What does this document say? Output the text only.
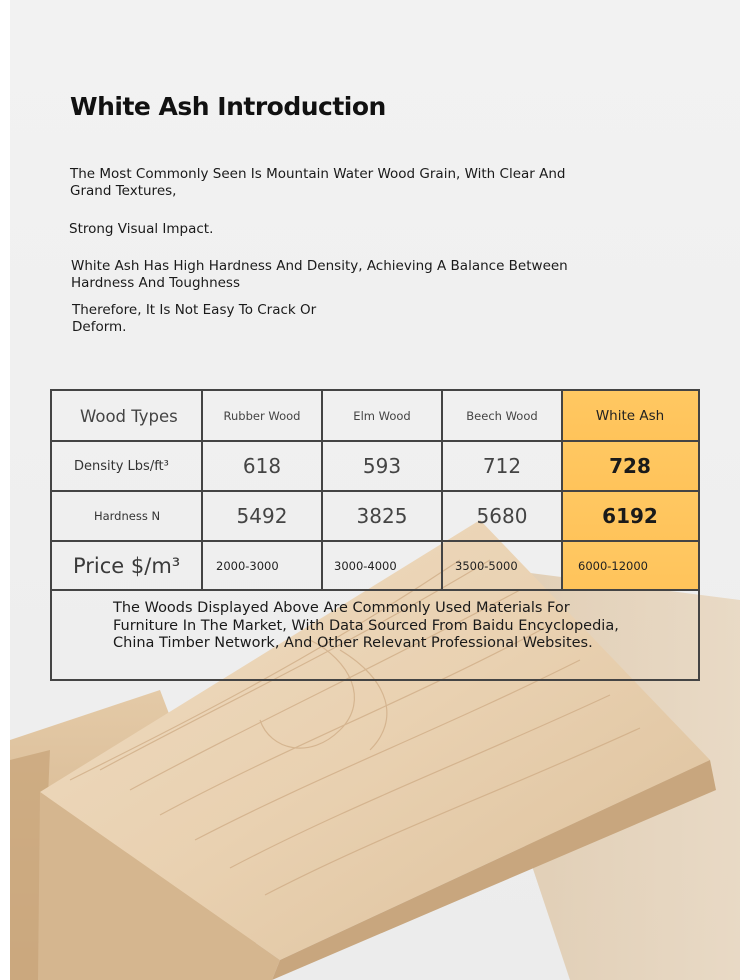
White Ash Introduction

The Most Commonly Seen Is Mountain Water Wood Grain, With Clear And Grand Textures,

Strong Visual Impact.

White Ash Has High Hardness And Density, Achieving A Balance Between Hardness And Toughness

Therefore, It Is Not Easy To Crack Or Deform.

Wood Types	Rubber Wood	Elm Wood	Beech Wood	White Ash
Density Lbs/ft³	618	593	712	728
Hardness N	5492	3825	5680	6192
Price $/m³	2000-3000	3000-4000	3500-5000	6000-12000

The Woods Displayed Above Are Commonly Used Materials For Furniture In The Market, With Data Sourced From Baidu Encyclopedia, China Timber Network, And Other Relevant Professional Websites.
